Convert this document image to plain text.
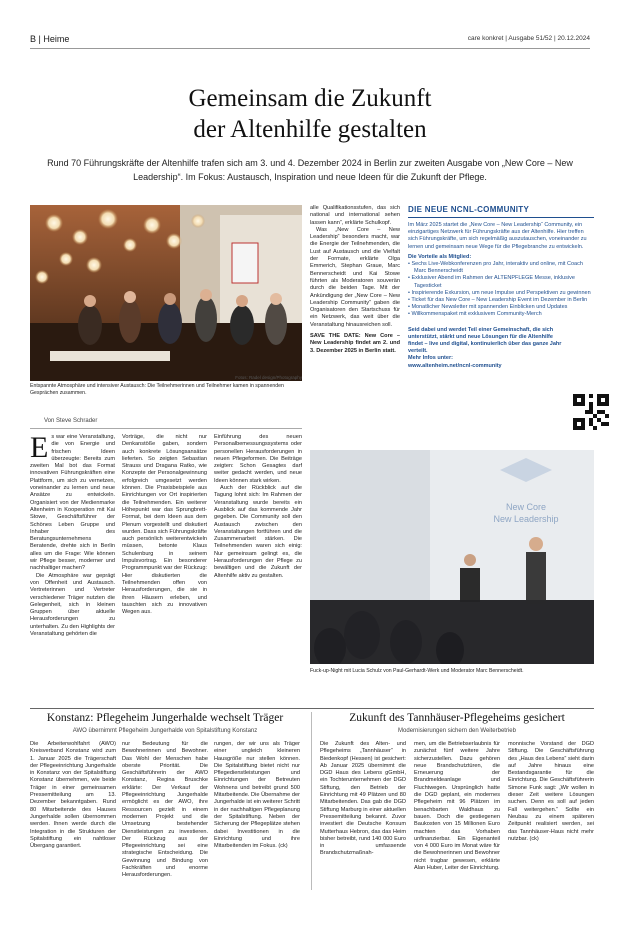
B | Heime	care konkret | Ausgabe 51/52 | 20.12.2024
Gemeinsam die Zukunft
der Altenhilfe gestalten
Rund 70 Führungskräfte der Altenhilfe trafen sich am 3. und 4. Dezember 2024 in Berlin zur zweiten Ausgabe von „New Core – New Leadership“. Im Fokus: Austausch, Inspiration und neue Ideen für die Zukunft der Pflege.
Entspannte Atmosphäre und intensiver Austausch: Die Teilnehmerinnen und Teilnehmer kamen in spannenden Gesprächen zusammen.
Fotos: Radel design/Photography

alle Qualifikationsstufen, das sich national und international sehen lassen kann“, erklärte Schulkopf.

Was „New Core – New Leadership“ besonders macht, war die Energie der Teilnehmenden, die Lust auf Austausch und die Vielfalt der Formate, erklärte Olga Emmerich, Stephan Graue, Marc Bennerscheidt und Kai Stowe führten als Moderatoren souverän durch die beiden Tage. Mit der Ankündigung der „New Core – New Leadership Community“ gaben die Organisatoren den Startschuss für ein Netzwerk, das weit über die Veranstaltung hinausreichen soll.

SAVE THE DATE: New Core – New Leadership findet am 2. und 3. Dezember 2025 in Berlin statt.
DIE NEUE NCNL-COMMUNITY
Im März 2025 startet die „New Core – New Leadership“ Community, ein einzigartiges Netzwerk für Führungskräfte aus der Altenhilfe. Hier treffen sich Führungskräfte, um sich regelmäßig auszutauschen, voneinander zu lernen und gemeinsam neue Wege für die Pflegebranche zu entwickeln.
Die Vorteile als Mitglied:
• Sechs Live-Webkonferenzen pro Jahr, interaktiv und online, mit Coach Marc Bennerscheidt
• Exklusiver Abend im Rahmen der ALTENPFLEGE Messe, inklusive Tagesticket
• Inspirierende Exkursion, um neue Impulse und Perspektiven zu gewinnen
• Ticket für das New Core – New Leadership Event im Dezember in Berlin
• Monatlicher Newsletter mit spannenden Einblicken und Updates
• Willkommenspaket mit exklusivem Community-Merch
Seid dabei und werdet Teil einer Gemeinschaft, die sich unterstützt, stärkt und neue Lösungen für die Altenhilfe findet – live und digital, kontinuierlich über das ganze Jahr verteilt.
Mehr Infos unter:
www.altenheim.net/ncnl-community
Von Steve Schrader
E s war eine Veranstaltung, die von Energie und frischen Ideen überzeugte: Bereits zum zweiten Mal bot das Format innovativen Führungskräften eine Plattform, um sich zu vernetzen, voneinander zu lernen und neue Ansätze zu entwickeln. Organisiert von der Medienmarke Altenheim in Kooperation mit Kai Stowe, Geschäftsführer der Schönes Leben Gruppe und Inhaber des Beratungsunternehmens Beratende, drehte sich in Berlin alles um die Frage: Wie können wir Pflege besser, moderner und nachhaltiger machen?

Die Atmosphäre war geprägt von Offenheit und Austausch. Vertreterinnen und Vertreter verschiedener Träger nutzten die Gelegenheit, sich in kleinen Gruppen über aktuelle Herausforderungen zu unterhalten. Zu den Highlights der Veranstaltung gehörten die

Vorträge, die nicht nur Denkanstöße gaben, sondern auch konkrete Lösungsansätze lieferten. So zeigten Sebastian Strauss und Dragana Ratko, wie Konzepte der Personalgewinnung erfolgreich umgesetzt werden können. Die Praxisbeispiele aus Einrichtungen vor Ort inspirierten die Teilnehmenden. Ein weiterer Höhepunkt war das Sprungbrett-Format, bei dem Ideen aus dem Plenum vorgestellt und diskutiert wurden. Dass sich Führungskräfte auch persönlich weiterentwickeln müssen, betonte Klaus Schulenburg in seinem Impulsvortrag. Ein besonderer Programmpunkt war der Rückzug: Hier diskutierten die Teilnehmenden offen von Herausforderungen, die sie in ihren Häusern erleben, und tauschten sich zu innovativen Wegen aus.

Einführung des neuen Personalbemessungssystems oder personellen Herausforderungen in neuen Pflegeformen. Die Beiträge zeigten: Schon Gesagtes darf weiter gedacht werden, und neue Ideen können stark wirken.

Auch der Rückblick auf die Tagung lohnt sich: Im Rahmen der Veranstaltung wurde bereits ein Ausblick auf das kommende Jahr gegeben. Die Community soll den Austausch zwischen den Veranstaltungen fortführen und die Zusammenarbeit stärken. Die Teilnehmenden waren sich einig: Nur gemeinsam gelingt es, die Herausforderungen der Pflege zu bewältigen und die Zukunft der Altenhilfe aktiv zu gestalten.

New Core
New Leadership
Fuck-up-Night mit Lucia Schulz von Paul-Gerhardt-Werk und Moderator Marc Bennerscheidt.
Konstanz: Pflegeheim Jungerhalde wechselt Träger
AWO übernimmt Pflegeheim Jungerhalde von Spitalstiftung Konstanz
Die Arbeiterwohlfahrt (AWO) Kreisverband Konstanz wird zum 1. Januar 2025 die Trägerschaft der Pflegeeinrichtung Jungerhalde in Konstanz von der Spitalstiftung Konstanz übernehmen, wie beide Träger in einer gemeinsamen Pressemitteilung am 13. Dezember bekanntgaben. Rund 80 Mitarbeitende des Hauses Jungerhalde sollen übernommen werden. Ihnen werde durch die Integration in die Strukturen der Spitalstiftung ein nahtloser Übergang garantiert.
nur Bedeutung für die Bewohnerinnen und Bewohner. Das Wohl der Menschen habe oberste Priorität. Die Geschäftsführerin der AWO Konstanz, Regina Bruschke erklärte: Der Verkauf der Pflegeeinrichtung Jungerhalde ermöglicht es der AWO, ihre Ressourcen gezielt in einem modernen Projekt und die Umsetzung bestehender Dienstleistungen zu investieren. Der Rückzug aus der Pflegeeinrichtung sei eine strategische Entscheidung. Die Gewinnung und Bindung von Fachkräften und enorme Herausforderungen.
rungen, der wir uns als Träger einer ungleich kleineren Hausgröße nur stellen können. Die Spitalstiftung bietet nicht nur Pflegedienstleistungen und Einrichtungen der Betreuten Wohnens und betreibt grund 500 Mitarbeitende. Die Übernahme der Jungerhalde ist ein weiterer Schritt in der nachhaltigen Pflegeplanung der Spitalstiftung. Neben der Sicherung der Pflegeplätze stehen dabei Investitionen in die Einrichtung und ihre Mitarbeitenden im Fokus. (ck)
Zukunft des Tannhäuser-Pflegeheims gesichert
Modernisierungen sichern den Weiterbetrieb
Die Zukunft des Alten- und Pflegeheims „Tannhäuser“ in Biedenkopf (Hessen) ist gesichert: Ab Januar 2025 übernimmt die DGD Haus des Lebens gGmbH, ein Tochterunternehmen der DGD Stiftung, den Betrieb der Einrichtung mit 49 Plätzen und 80 Mitarbeitenden. Das gab die DGD Stiftung Marburg in einer aktuellen Pressemitteilung bekannt. Zuvor investiert die Deutsche Konsum Mutterhaus Hebron, das das Heim bisher betreibt, rund 140 000 Euro in umfassende Brandschutzmaßnah-
men, um die Betriebserlaubnis für zunächst fünf weitere Jahre sicherzustellen. Dazu gehören neue Brandschutztüren, die Erneuerung der Brandmeldeanlage und Fluchtwegen. Ursprünglich hatte die DGD geplant, ein modernes Pflegeheim mit 96 Plätzen im benachbarten Waldhaus zu bauen. Doch die gestiegenen Baukosten von 15 Millionen Euro machten das Vorhaben unfinanzierbar. Ein Eigenanteil von 4 000 Euro im Monat wäre für die Bewohnerinnen und Bewohner nicht tragbar gewesen, erklärte Alan Huber, Leiter der Einrichtung.
monnische Vorstand der DGD Stiftung. Die Geschäftsführung des „Haus des Lebens“ sieht darin auf Jahre hinaus eine Bestandsgarantie für die Einrichtung. Die Geschäftsführerin Simone Funk sagt: „Wir wollen in dieser Zeit weitere Lösungen suchen. Denn es soll auf jeden Fall weitergehen.“ Sollte ein Neubau zu einem späteren Zeitpunkt realisiert werden, sei das Tannhäuser-Haus nicht mehr nutzbar. (ck)
